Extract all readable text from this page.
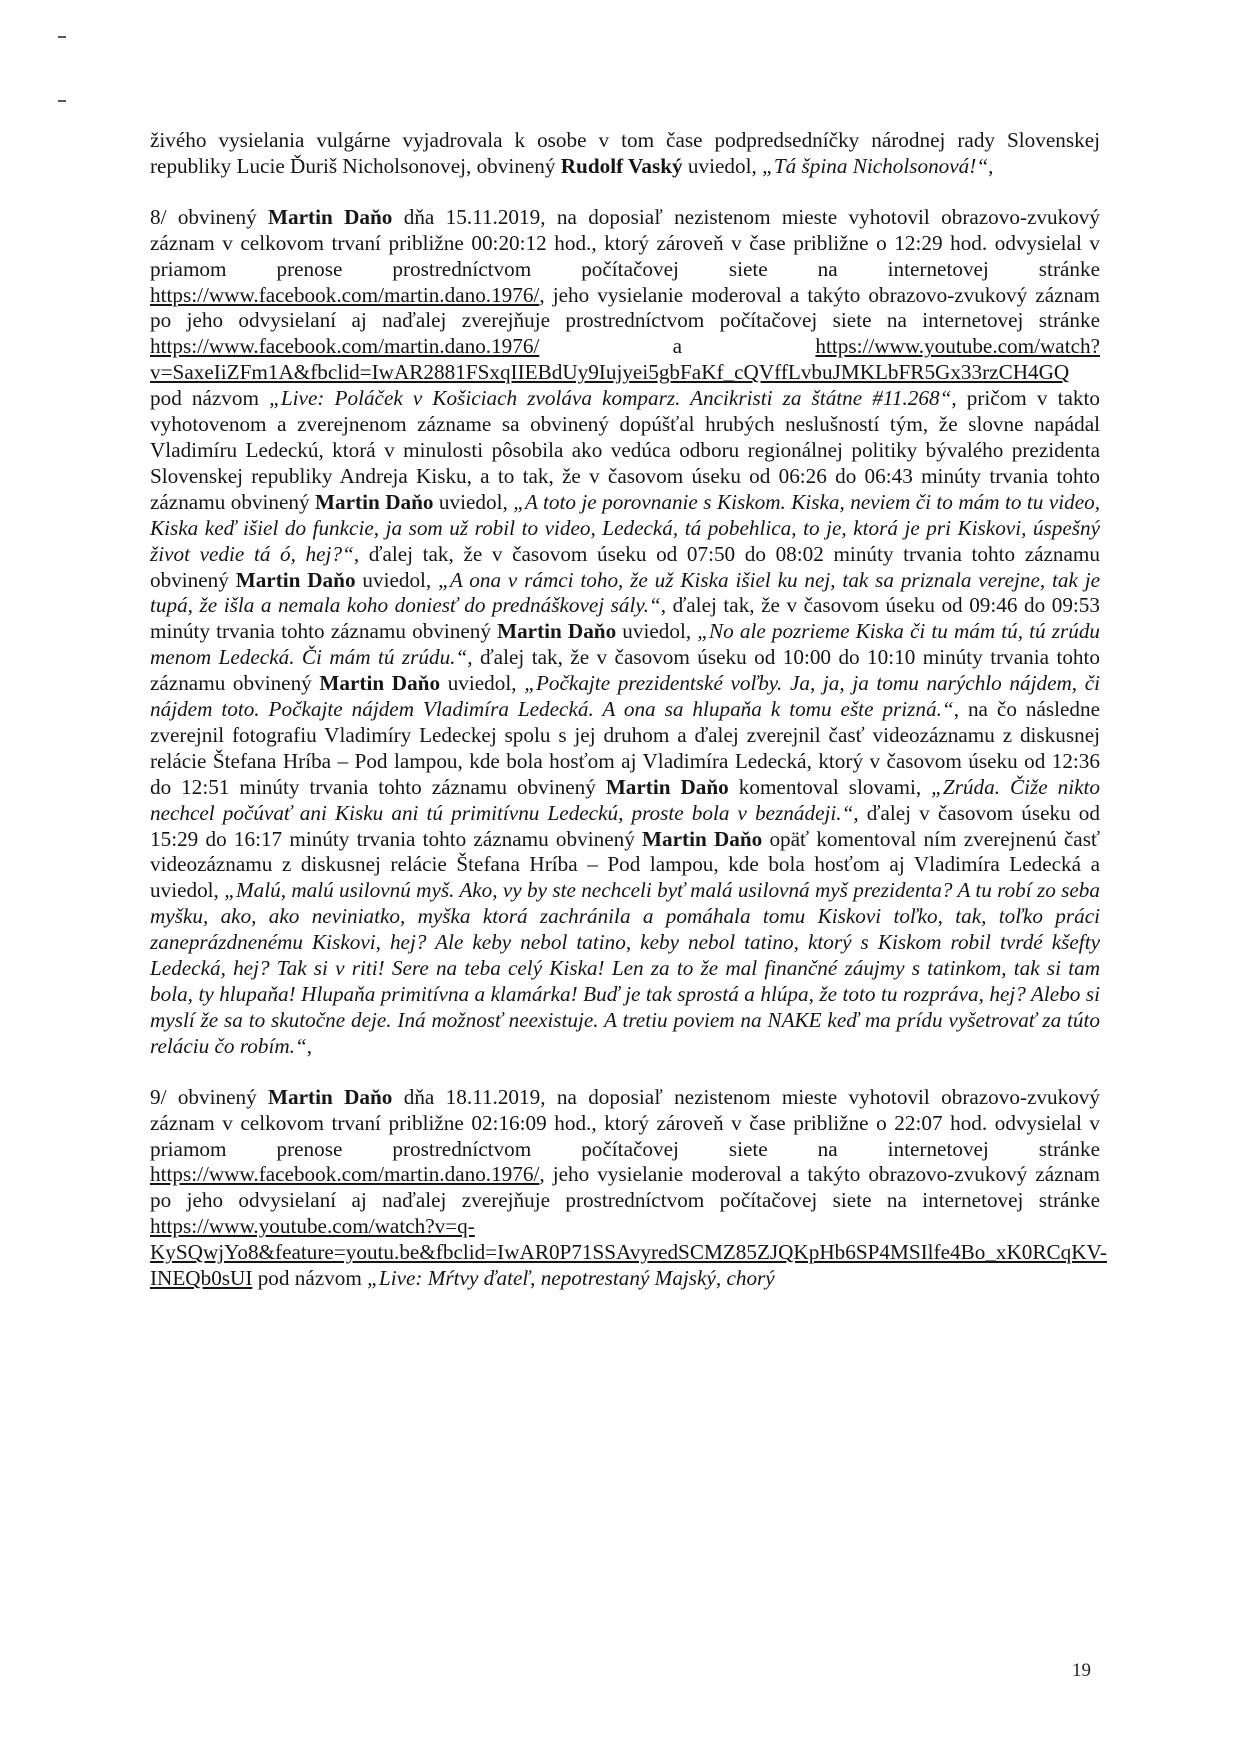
živého vysielania vulgárne vyjadrovala k osobe v tom čase podpredsedníčky národnej rady Slovenskej republiky Lucie Ďuriš Nicholsonovej, obvinený Rudolf Vaský uviedol, „Tá špina Nicholsonová!“,

8/ obvinený Martin Daňo dňa 15.11.2019, na doposiaľ nezistenom mieste vyhotovil obrazovo-zvukový záznam v celkovom trvaní približne 00:20:12 hod., ktorý zároveň v čase približne o 12:29 hod. odvysielal v priamom prenose prostredníctvom počítačovej siete na internetovej stránke https://www.facebook.com/martin.dano.1976/, jeho vysielanie moderoval a takýto obrazovo-zvukový záznam po jeho odvysielaní aj naďalej zverejňuje prostredníctvom počítačovej siete na internetovej stránke https://www.facebook.com/martin.dano.1976/ a https://www.youtube.com/watch?v=SaxeIiZFm1A&fbclid=IwAR2881FSxqIIEBdUy9Iujyei5gbFaKf_cQVffLvbuJMKLbFR5Gx33rzCH4GQ pod názvom „Live: Poláček v Košiciach zvoláva komparz. Ancikristi za štátne #11.268“, pričom v takto vyhotovenom a zverejnenom zázname sa obvinený dopúšťal hrubých neslušností tým, že slovne napádal Vladimíru Ledeckú, ktorá v minulosti pôsobila ako vedúca odboru regionálnej politiky bývalého prezidenta Slovenskej republiky Andreja Kisku, a to tak, že v časovom úseku od 06:26 do 06:43 minúty trvania tohto záznamu obvinený Martin Daňo uviedol, „A toto je porovnanie s Kiskom. Kiska, neviem či to mám to tu video, Kiska keď išiel do funkcie, ja som už robil to video, Ledecká, tá pobehlica, to je, ktorá je pri Kiskovi, úspešný život vedie tá ó, hej?“, ďalej tak, že v časovom úseku od 07:50 do 08:02 minúty trvania tohto záznamu obvinený Martin Daňo uviedol, „A ona v rámci toho, že už Kiska išiel ku nej, tak sa priznala verejne, tak je tupá, že išla a nemala koho doniesť do prednáškovej sály.“, ďalej tak, že v časovom úseku od 09:46 do 09:53 minúty trvania tohto záznamu obvinený Martin Daňo uviedol, „No ale pozrieme Kiska či tu mám tú, tú zrúdu menom Ledecká. Či mám tú zrúdu.“, ďalej tak, že v časovom úseku od 10:00 do 10:10 minúty trvania tohto záznamu obvinený Martin Daňo uviedol, „Počkajte prezidentské voľby. Ja, ja, ja tomu narýchlo nájdem, či nájdem toto. Počkajte nájdem Vladimíra Ledecká. A ona sa hlupaňa k tomu ešte prizná.“, na čo následne zverejnil fotografiu Vladimíry Ledeckej spolu s jej druhom a ďalej zverejnil časť videozáznamu z diskusnej relácie Štefana Hríba – Pod lampou, kde bola hosťom aj Vladimíra Ledecká, ktorý v časovom úseku od 12:36 do 12:51 minúty trvania tohto záznamu obvinený Martin Daňo komentoval slovami, „Zrúda. Čiže nikto nechcel počúvať ani Kisku ani tú primitívnu Ledeckú, proste bola v beznádeji.“, ďalej v časovom úseku od 15:29 do 16:17 minúty trvania tohto záznamu obvinený Martin Daňo opäť komentoval ním zverejnenú časť videozáznamu z diskusnej relácie Štefana Hríba – Pod lampou, kde bola hosťom aj Vladimíra Ledecká a uviedol, „Malú, malú usilovnú myš. Ako, vy by ste nechceli byť malá usilovná myš prezidenta? A tu robí zo seba myšku, ako, ako neviniatko, myška ktorá zachránila a pomáhala tomu Kiskovi toľko, tak, toľko práci zaneprázdnenému Kiskovi, hej? Ale keby nebol tatino, keby nebol tatino, ktorý s Kiskom robil tvrdé kšefty Ledecká, hej? Tak si v riti! Sere na teba celý Kiska! Len za to že mal finančné záujmy s tatinkom, tak si tam bola, ty hlupaňa! Hlupaňa primitívna a klamárka! Buď je tak sprostá a hlúpa, že toto tu rozpráva, hej? Alebo si myslí že sa to skutočne deje. Iná možnosť neexistuje. A tretiu poviem na NAKE keď ma prídu vyšetrovať za túto reláciu čo robím.“,

9/ obvinený Martin Daňo dňa 18.11.2019, na doposiaľ nezistenom mieste vyhotovil obrazovo-zvukový záznam v celkovom trvaní približne 02:16:09 hod., ktorý zároveň v čase približne o 22:07 hod. odvysielal v priamom prenose prostredníctvom počítačovej siete na internetovej stránke https://www.facebook.com/martin.dano.1976/, jeho vysielanie moderoval a takýto obrazovo-zvukový záznam po jeho odvysielaní aj naďalej zverejňuje prostredníctvom počítačovej siete na internetovej stránke https://www.youtube.com/watch?v=q-KySQwjYo8&feature=youtu.be&fbclid=IwAR0P71SSAvyredSCMZ85ZJQKpHb6SP4MSIlfe4Bo_xK0RCqKV-INEQb0sUI pod názvom „Live: Mŕtvy ďateľ, nepotrestaný Majský, chorý

19
